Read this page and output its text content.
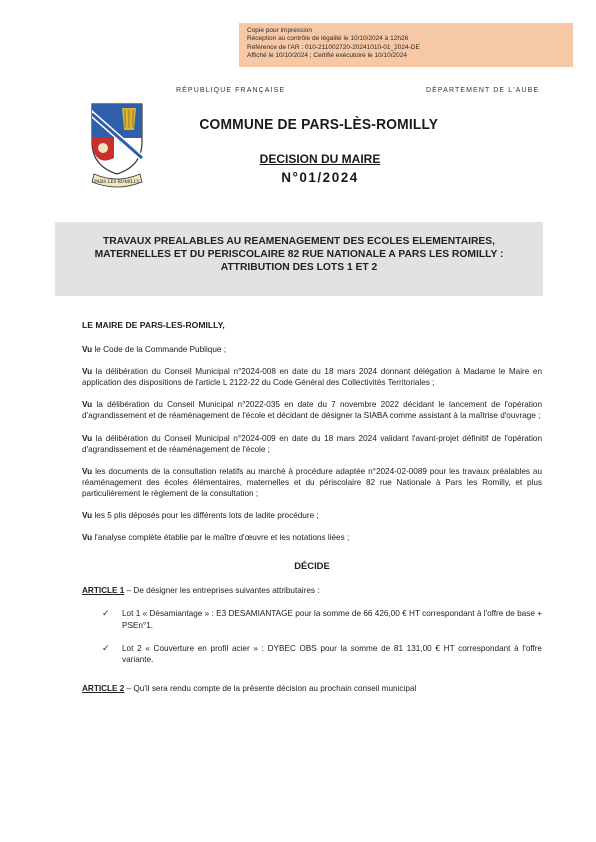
Copie pour impression
Réception au contrôle de légalité le 10/10/2024 à 12h26
Référence de l'AR : 010-211002720-20241010-01_2024-DE
Affiché le 10/10/2024 ; Certifié exécutoire le 10/10/2024
RÉPUBLIQUE FRANÇAISE	DÉPARTEMENT DE L'AUBE
PARS LES ROMILLY
COMMUNE DE PARS-LÈS-ROMILLY
DECISION DU MAIRE
N°01/2024
TRAVAUX PREALABLES AU REAMENAGEMENT DES ECOLES ELEMENTAIRES, MATERNELLES ET DU PERISCOLAIRE 82 RUE NATIONALE A PARS LES ROMILLY : ATTRIBUTION DES LOTS 1 ET 2

LE MAIRE DE PARS-LES-ROMILLY,

Vu le Code de la Commande Publique ;

Vu la délibération du Conseil Municipal n°2024-008 en date du 18 mars 2024 donnant délégation à Madame le Maire en application des dispositions de l'article L 2122-22 du Code Général des Collectivités Territoriales ;

Vu la délibération du Conseil Municipal n°2022-035 en date du 7 novembre 2022 décidant le lancement de l'opération d'agrandissement et de réaménagement de l'école et décidant de désigner la SIABA comme assistant à la maîtrise d'ouvrage ;

Vu la délibération du Conseil Municipal n°2024-009 en date du 18 mars 2024 validant l'avant-projet définitif de l'opération d'agrandissement et de réaménagement de l'école ;

Vu les documents de la consultation relatifs au marché à procédure adaptée n°2024-02-0089 pour les travaux préalables au réaménagement des écoles élémentaires, maternelles et du périscolaire 82 rue Nationale à Pars les Romilly, et plus particulièrement le règlement de la consultation ;

Vu les 5 plis déposés pour les différents lots de ladite procédure ;

Vu l'analyse complète établie par le maître d'œuvre et les notations liées ;

DÉCIDE

ARTICLE 1 – De désigner les entreprises suivantes attributaires :

✓ Lot 1 « Désamiantage » : E3 DESAMIANTAGE pour la somme de 66 426,00 € HT correspondant à l'offre de base + PSEn°1.
✓ Lot 2 « Couverture en profil acier » : DYBEC OBS pour la somme de 81 131,00 € HT correspondant à l'offre variante.

ARTICLE 2 – Qu'il sera rendu compte de la présente décision au prochain conseil municipal
